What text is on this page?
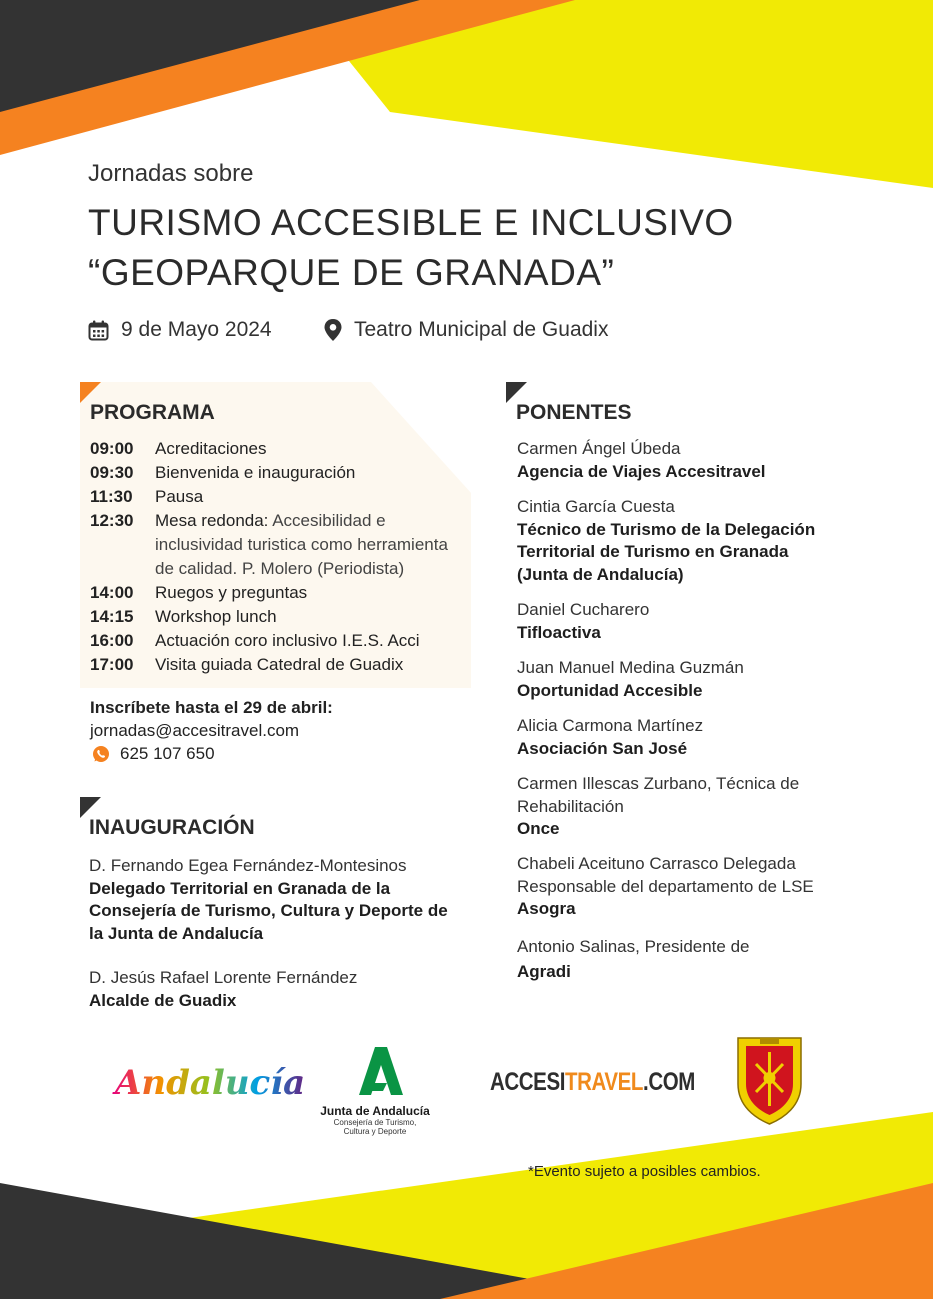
Jornadas sobre
TURISMO ACCESIBLE E INCLUSIVO
“GEOPARQUE DE GRANADA”
9 de Mayo 2024	Teatro Municipal de Guadix
PROGRAMA
09:00	Acreditaciones
09:30	Bienvenida e inauguración
11:30	Pausa
12:30	Mesa redonda: Accesibilidad e inclusividad turistica como herramienta de calidad. P. Molero (Periodista)
14:00	Ruegos y preguntas
14:15	Workshop lunch
16:00	Actuación coro inclusivo I.E.S. Acci
17:00	Visita guiada Catedral de Guadix
Inscríbete hasta el 29 de abril:
jornadas@accesitravel.com
625 107 650
INAUGURACIÓN
D. Fernando Egea Fernández-Montesinos
Delegado Territorial en Granada de la Consejería de Turismo, Cultura y Deporte de la Junta de Andalucía
D. Jesús Rafael Lorente Fernández
Alcalde de Guadix
PONENTES
Carmen Ángel Úbeda
Agencia de Viajes Accesitravel
Cintia García Cuesta
Técnico de Turismo de la Delegación Territorial de Turismo en Granada (Junta de Andalucía)
Daniel Cucharero
Tifloactiva
Juan Manuel Medina Guzmán
Oportunidad Accesible
Alicia Carmona Martínez
Asociación San José
Carmen Illescas Zurbano, Técnica de Rehabilitación
Once
Chabeli Aceituno Carrasco Delegada Responsable del departamento de LSE
Asogra
Antonio Salinas, Presidente de
Agradi
Andalucía
Junta de Andalucía
Consejería de Turismo,
Cultura y Deporte
ACCESITRAVEL.COM
*Evento sujeto a posibles cambios.
